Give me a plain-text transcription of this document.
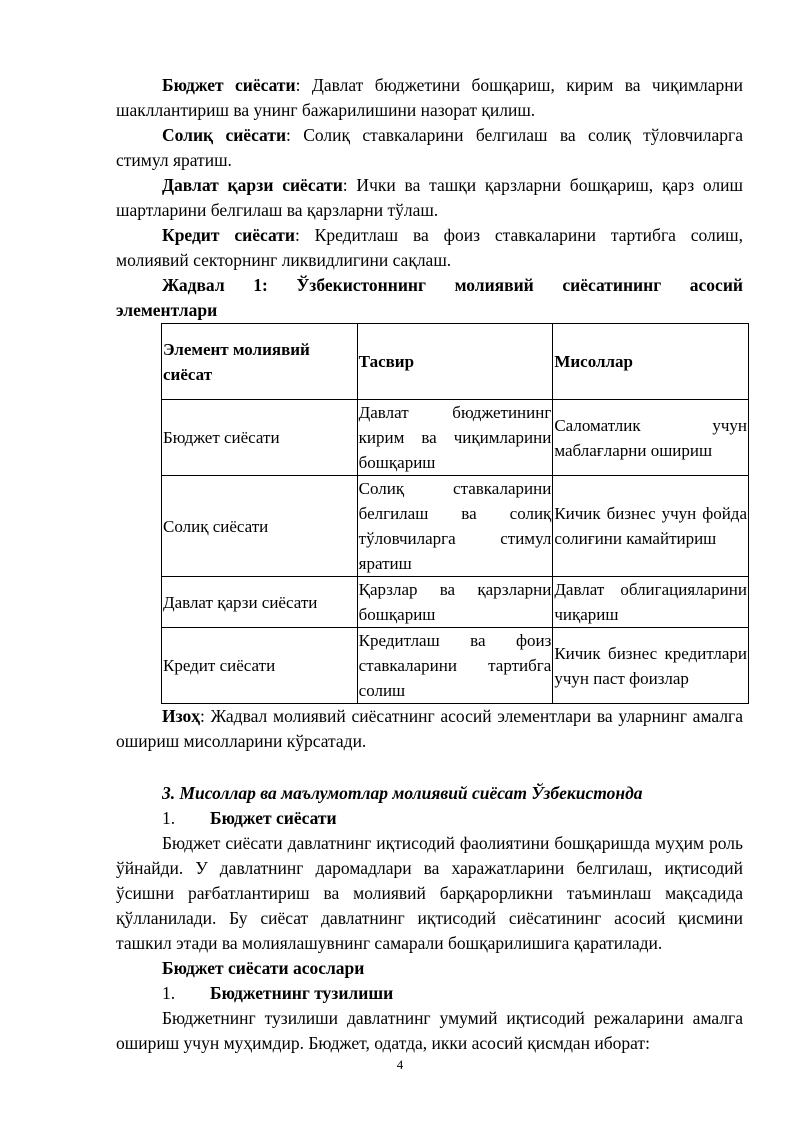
Бюджет сиёсати: Давлат бюджетини бошқариш, кирим ва чиқимларни шакллантириш ва унинг бажарилишини назорат қилиш.

Солиқ сиёсати: Солиқ ставкаларини белгилаш ва солиқ тўловчиларга стимул яратиш.

Давлат қарзи сиёсати: Ички ва ташқи қарзларни бошқариш, қарз олиш шартларини белгилаш ва қарзларни тўлаш.

Кредит сиёсати: Кредитлаш ва фоиз ставкаларини тартибга солиш, молиявий секторнинг ликвидлигини сақлаш.

Жадвал 1: Ўзбекистоннинг молиявий сиёсатининг асосий

элементлари

Элемент молиявий сиёсат	Тасвир	Мисоллар
Бюджет сиёсати	Давлат бюджетининг кирим ва чиқимларини бошқариш	Саломатлик учун маблағларни ошириш
Солиқ сиёсати	Солиқ ставкаларини белгилаш ва солиқ тўловчиларга стимул яратиш	Кичик бизнес учун фойда солиғини камайтириш
Давлат қарзи сиёсати	Қарзлар ва қарзларни бошқариш	Давлат облигацияларини чиқариш
Кредит сиёсати	Кредитлаш ва фоиз ставкаларини тартибга солиш	Кичик бизнес кредитлари учун паст фоизлар

Изоҳ: Жадвал молиявий сиёсатнинг асосий элементлари ва уларнинг амалга ошириш мисолларини кўрсатади.

3. Мисоллар ва маълумотлар молиявий сиёсат Ўзбекистонда

1. Бюджет сиёсати

Бюджет сиёсати давлатнинг иқтисодий фаолиятини бошқаришда муҳим роль ўйнайди. У давлатнинг даромадлари ва харажатларини белгилаш, иқтисодий ўсишни рағбатлантириш ва молиявий барқарорликни таъминлаш мақсадида қўлланилади. Бу сиёсат давлатнинг иқтисодий сиёсатининг асосий қисмини ташкил этади ва молиялашувнинг самарали бошқарилишига қаратилади.

Бюджет сиёсати асослари

1. Бюджетнинг тузилиши

Бюджетнинг тузилиши давлатнинг умумий иқтисодий режаларини амалга ошириш учун муҳимдир. Бюджет, одатда, икки асосий қисмдан иборат:

4
